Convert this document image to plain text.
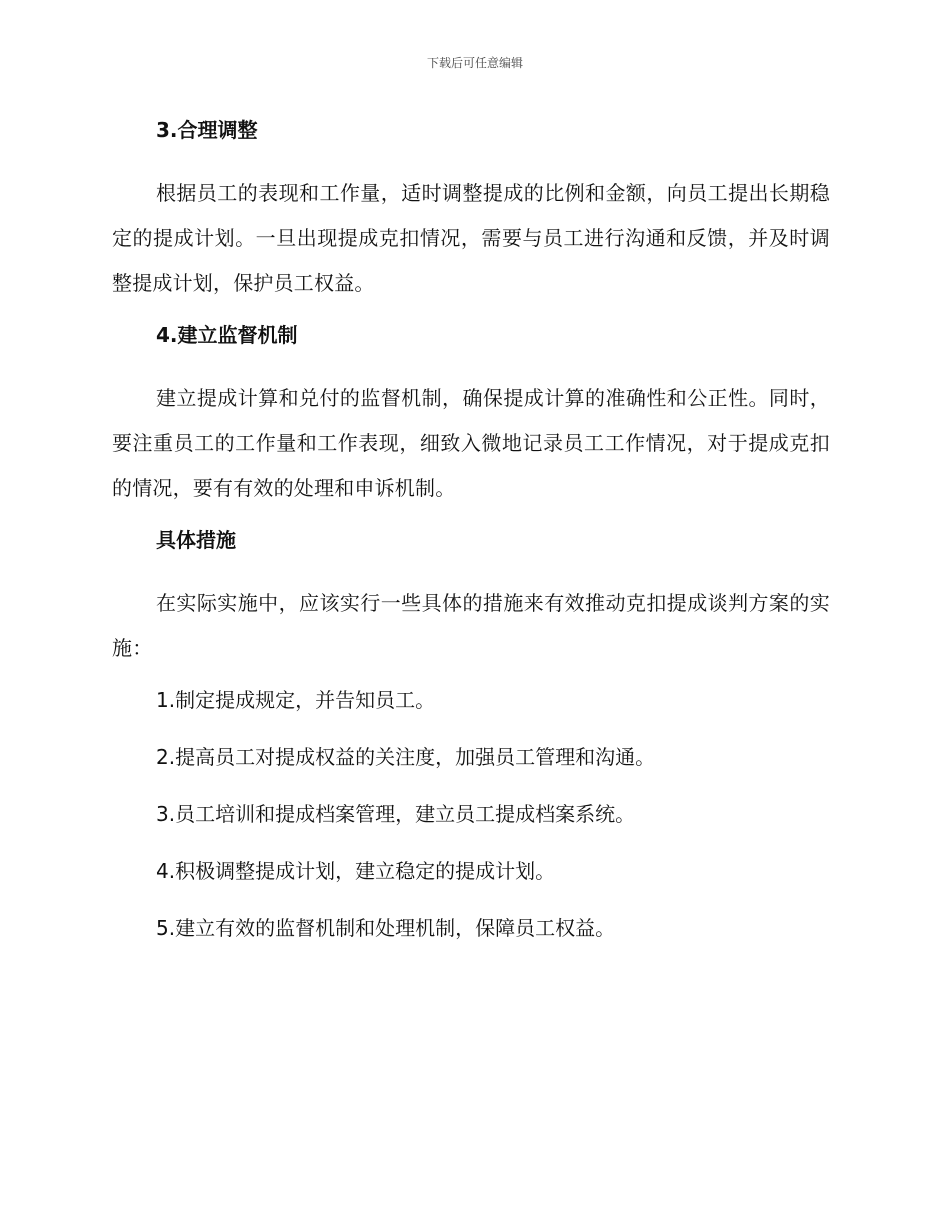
下载后可任意编辑
3.合理调整

根据员工的表现和工作量，适时调整提成的比例和金额，向员工提出长期稳定的提成计划。一旦出现提成克扣情况，需要与员工进行沟通和反馈，并及时调整提成计划，保护员工权益。

4.建立监督机制

建立提成计算和兑付的监督机制，确保提成计算的准确性和公正性。同时，要注重员工的工作量和工作表现，细致入微地记录员工工作情况，对于提成克扣的情况，要有有效的处理和申诉机制。

具体措施

在实际实施中，应该实行一些具体的措施来有效推动克扣提成谈判方案的实施：

1.制定提成规定，并告知员工。

2.提高员工对提成权益的关注度，加强员工管理和沟通。

3.员工培训和提成档案管理，建立员工提成档案系统。

4.积极调整提成计划，建立稳定的提成计划。

5.建立有效的监督机制和处理机制，保障员工权益。
